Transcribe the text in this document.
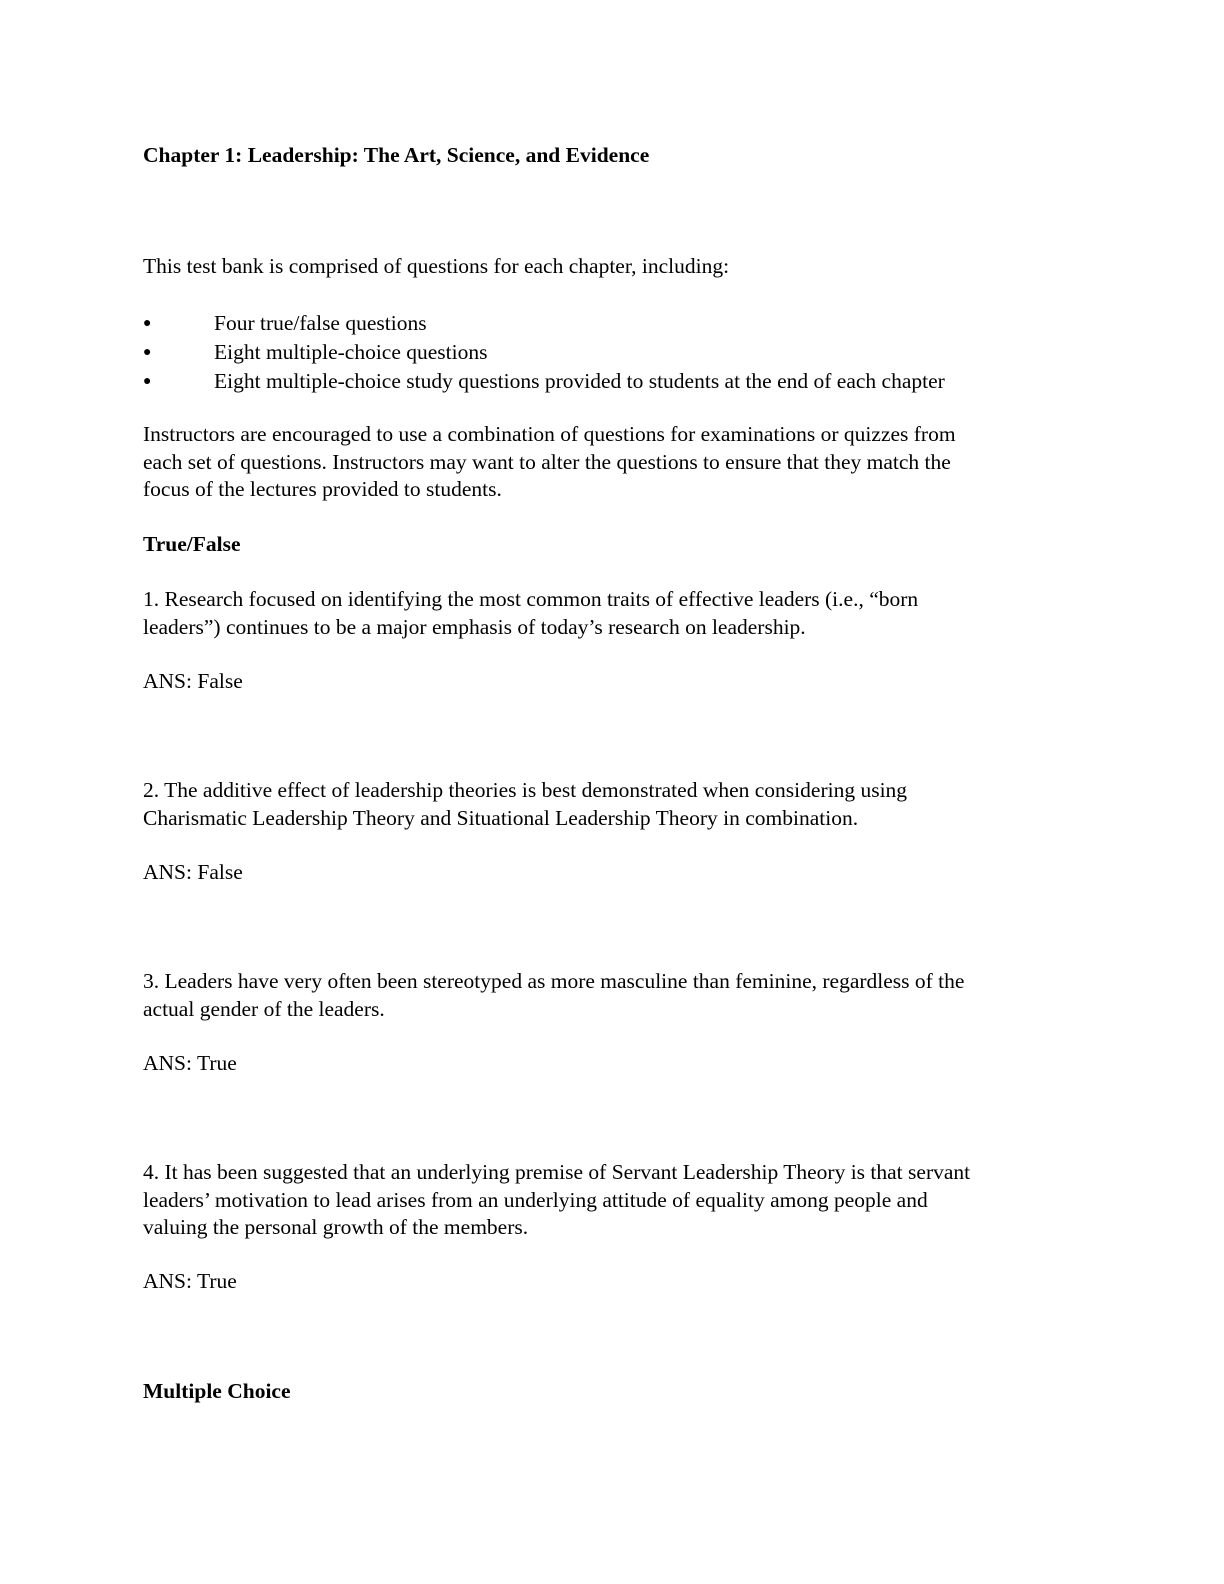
Chapter 1: Leadership: The Art, Science, and Evidence
This test bank is comprised of questions for each chapter, including:
●	Four true/false questions
●	Eight multiple-choice questions
●	Eight multiple-choice study questions provided to students at the end of each chapter
Instructors are encouraged to use a combination of questions for examinations or quizzes from
each set of questions. Instructors may want to alter the questions to ensure that they match the
focus of the lectures provided to students.
True/False
1. Research focused on identifying the most common traits of effective leaders (i.e., “born
leaders”) continues to be a major emphasis of today’s research on leadership.
ANS: False
2. The additive effect of leadership theories is best demonstrated when considering using
Charismatic Leadership Theory and Situational Leadership Theory in combination.
ANS: False
3. Leaders have very often been stereotyped as more masculine than feminine, regardless of the
actual gender of the leaders.
ANS: True
4. It has been suggested that an underlying premise of Servant Leadership Theory is that servant
leaders’ motivation to lead arises from an underlying attitude of equality among people and
valuing the personal growth of the members.
ANS: True
Multiple Choice
